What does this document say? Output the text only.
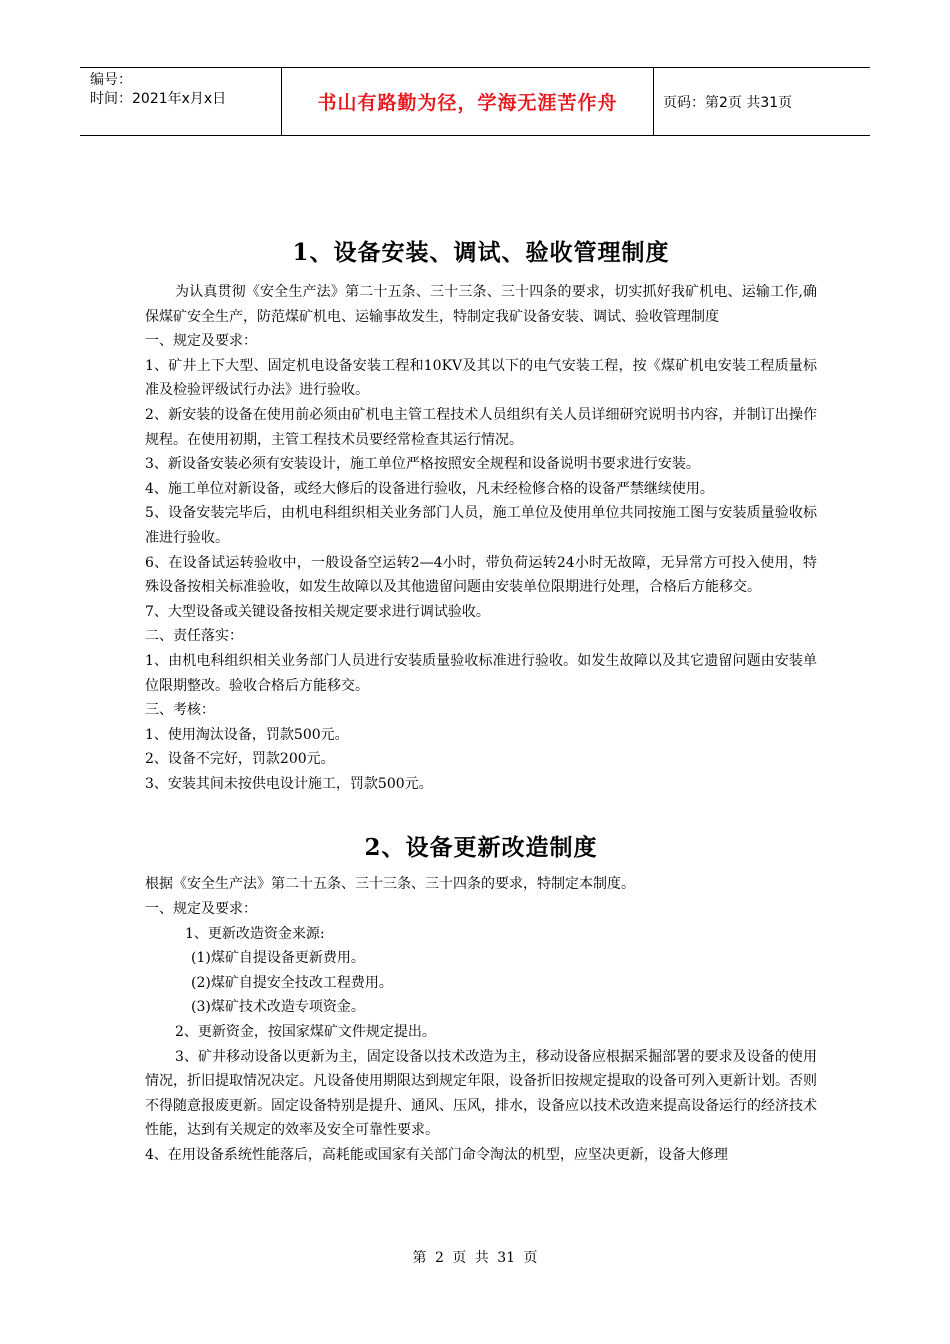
编号：
时间：2021年x月x日	书山有路勤为径，学海无涯苦作舟	页码：第2页 共31页
1、设备安装、调试、验收管理制度

为认真贯彻《安全生产法》第二十五条、三十三条、三十四条的要求，切实抓好我矿机电、运输工作,确保煤矿安全生产，防范煤矿机电、运输事故发生，特制定我矿设备安装、调试、验收管理制度

一、规定及要求：

1、矿井上下大型、固定机电设备安装工程和10KV及其以下的电气安装工程，按《煤矿机电安装工程质量标准及检验评级试行办法》进行验收。

2、新安装的设备在使用前必须由矿机电主管工程技术人员组织有关人员详细研究说明书内容，并制订出操作规程。在使用初期，主管工程技术员要经常检查其运行情况。

3、新设备安装必须有安装设计，施工单位严格按照安全规程和设备说明书要求进行安装。

4、施工单位对新设备，或经大修后的设备进行验收，凡未经检修合格的设备严禁继续使用。

5、设备安装完毕后，由机电科组织相关业务部门人员，施工单位及使用单位共同按施工图与安装质量验收标准进行验收。

6、在设备试运转验收中，一般设备空运转2—4小时，带负荷运转24小时无故障，无异常方可投入使用，特殊设备按相关标准验收，如发生故障以及其他遗留问题由安装单位限期进行处理，合格后方能移交。

7、大型设备或关键设备按相关规定要求进行调试验收。

二、责任落实：

1、由机电科组织相关业务部门人员进行安装质量验收标准进行验收。如发生故障以及其它遗留问题由安装单位限期整改。验收合格后方能移交。

三、考核：

1、使用淘汰设备，罚款500元。

2、设备不完好，罚款200元。

3、安装其间未按供电设计施工，罚款500元。

2、设备更新改造制度

根据《安全生产法》第二十五条、三十三条、三十四条的要求，特制定本制度。

一、规定及要求：

1、更新改造资金来源:

(1)煤矿自提设备更新费用。

(2)煤矿自提安全技改工程费用。

(3)煤矿技术改造专项资金。

2、更新资金，按国家煤矿文件规定提出。

3、矿井移动设备以更新为主，固定设备以技术改造为主，移动设备应根据采掘部署的要求及设备的使用情况，折旧提取情况决定。凡设备使用期限达到规定年限，设备折旧按规定提取的设备可列入更新计划。否则不得随意报废更新。固定设备特别是提升、通风、压风，排水，设备应以技术改造来提高设备运行的经济技术性能，达到有关规定的效率及安全可靠性要求。

4、在用设备系统性能落后，高耗能或国家有关部门命令淘汰的机型，应坚决更新，设备大修理

第 2 页 共 31 页
